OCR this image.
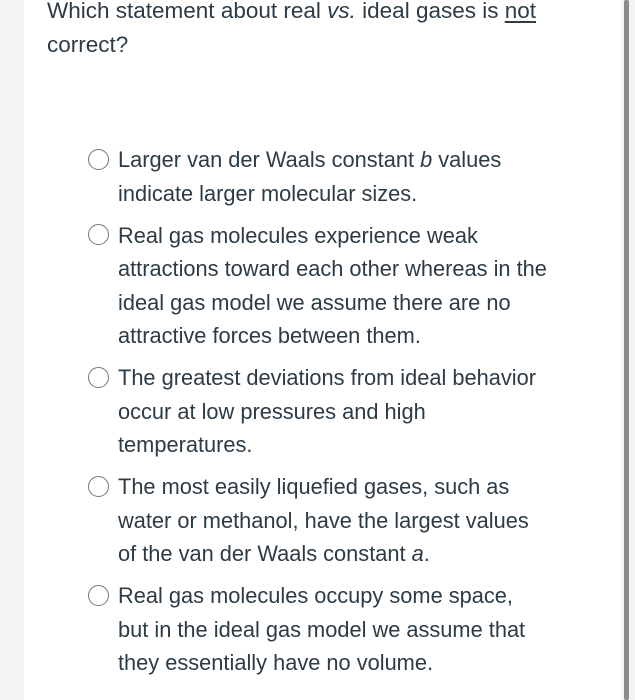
Which statement about real vs. ideal gases is not correct?

Larger van der Waals constant b values indicate larger molecular sizes.
Real gas molecules experience weak attractions toward each other whereas in the ideal gas model we assume there are no attractive forces between them.
The greatest deviations from ideal behavior occur at low pressures and high temperatures.
The most easily liquefied gases, such as water or methanol, have the largest values of the van der Waals constant a.
Real gas molecules occupy some space, but in the ideal gas model we assume that they essentially have no volume.
